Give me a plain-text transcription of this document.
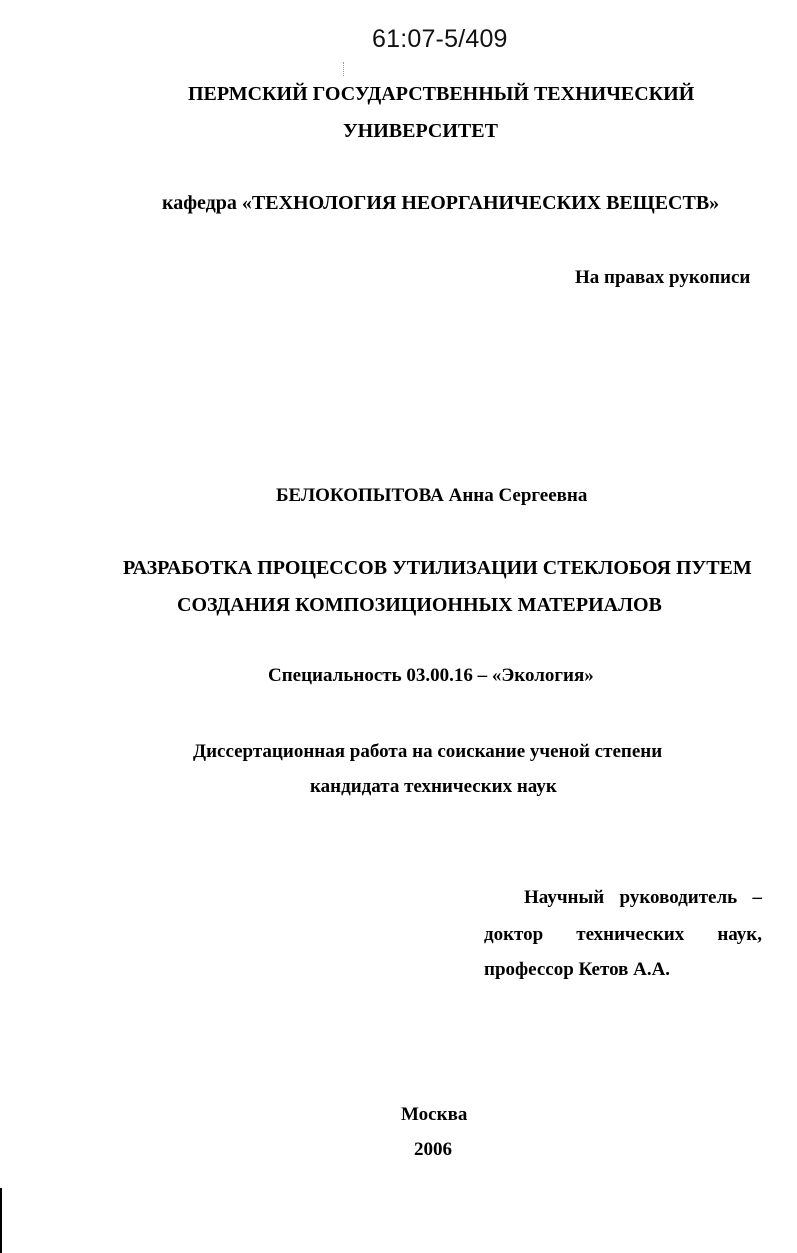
61:07-5/409
ПЕРМСКИЙ ГОСУДАРСТВЕННЫЙ ТЕХНИЧЕСКИЙ
УНИВЕРСИТЕТ
кафедра «ТЕХНОЛОГИЯ НЕОРГАНИЧЕСКИХ ВЕЩЕСТВ»
На правах рукописи
БЕЛОКОПЫТОВА Анна Сергеевна
РАЗРАБОТКА ПРОЦЕССОВ УТИЛИЗАЦИИ СТЕКЛОБОЯ ПУТЕМ
СОЗДАНИЯ КОМПОЗИЦИОННЫХ МАТЕРИАЛОВ
Специальность 03.00.16 – «Экология»
Диссертационная работа на соискание ученой степени
кандидата технических наук
Научный руководитель –
доктор технических наук,
профессор Кетов А.А.
Москва
2006
